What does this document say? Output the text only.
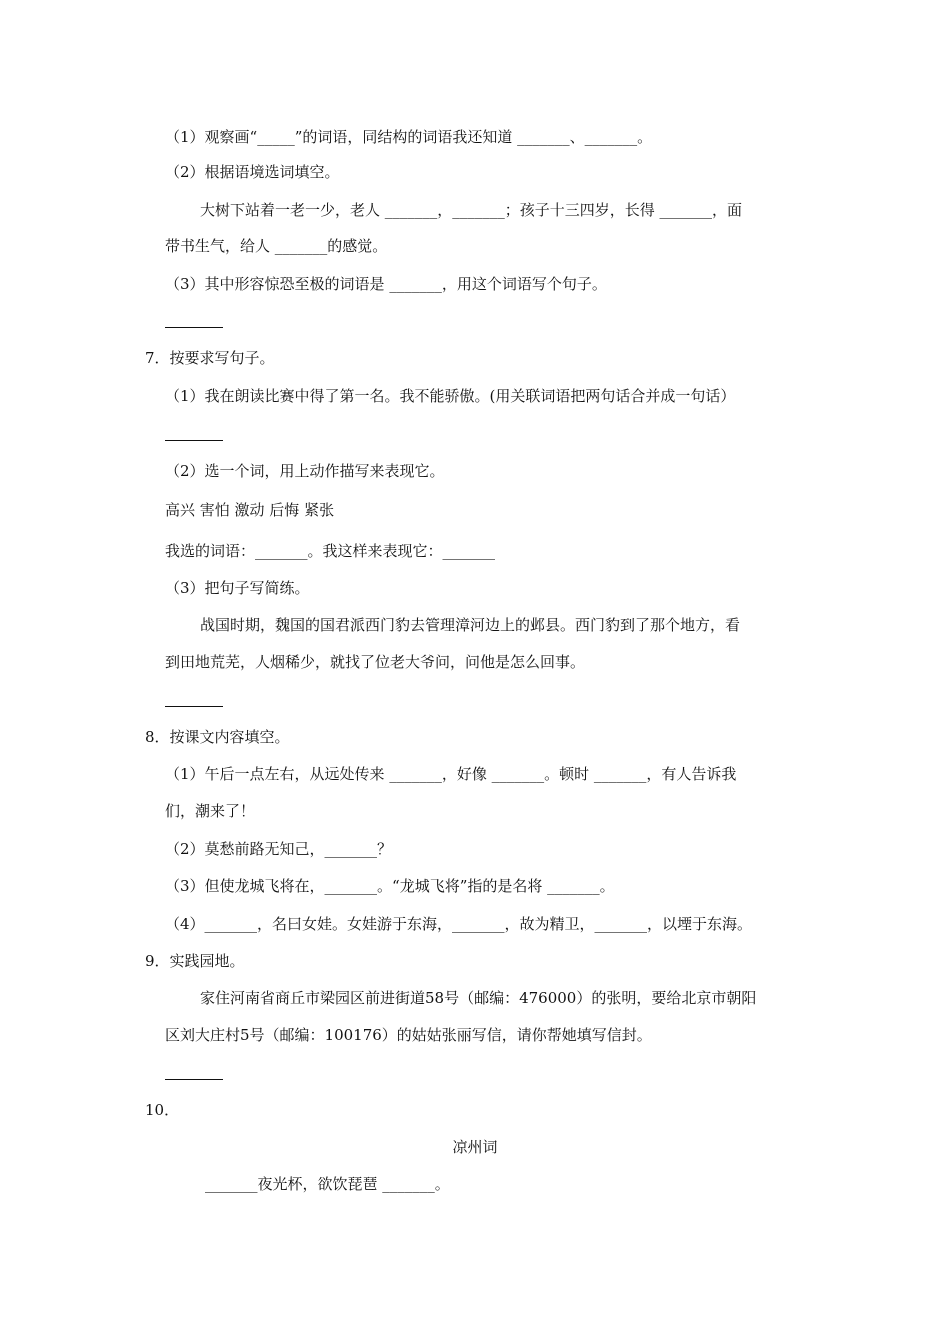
（1）观察画“_____”的词语，同结构的词语我还知道 _______、_______。
（2）根据语境选词填空。
大树下站着一老一少，老人 _______，_______；孩子十三四岁，长得 _______，面
带书生气，给人 _______的感觉。
（3）其中形容惊恐至极的词语是 _______，用这个词语写个句子。
7．按要求写句子。
（1）我在朗读比赛中得了第一名。我不能骄傲。(用关联词语把两句话合并成一句话）
（2）选一个词，用上动作描写来表现它。
高兴 害怕 激动 后悔 紧张
我选的词语：_______。我这样来表现它：_______
（3）把句子写简练。
战国时期，魏国的国君派西门豹去管理漳河边上的邺县。西门豹到了那个地方，看
到田地荒芜，人烟稀少，就找了位老大爷问，问他是怎么回事。
8．按课文内容填空。
（1）午后一点左右，从远处传来 _______，好像 _______。顿时 _______，有人告诉我
们，潮来了！
（2）莫愁前路无知己，_______？
（3）但使龙城飞将在，_______。“龙城飞将”指的是名将 _______。
（4）_______，名曰女娃。女娃游于东海，_______，故为精卫，_______，以堙于东海。
9．实践园地。
家住河南省商丘市梁园区前进街道58号（邮编：476000）的张明，要给北京市朝阳
区刘大庄村5号（邮编：100176）的姑姑张丽写信，请你帮她填写信封。
10．
凉州词
_______夜光杯，欲饮琵琶 _______。
